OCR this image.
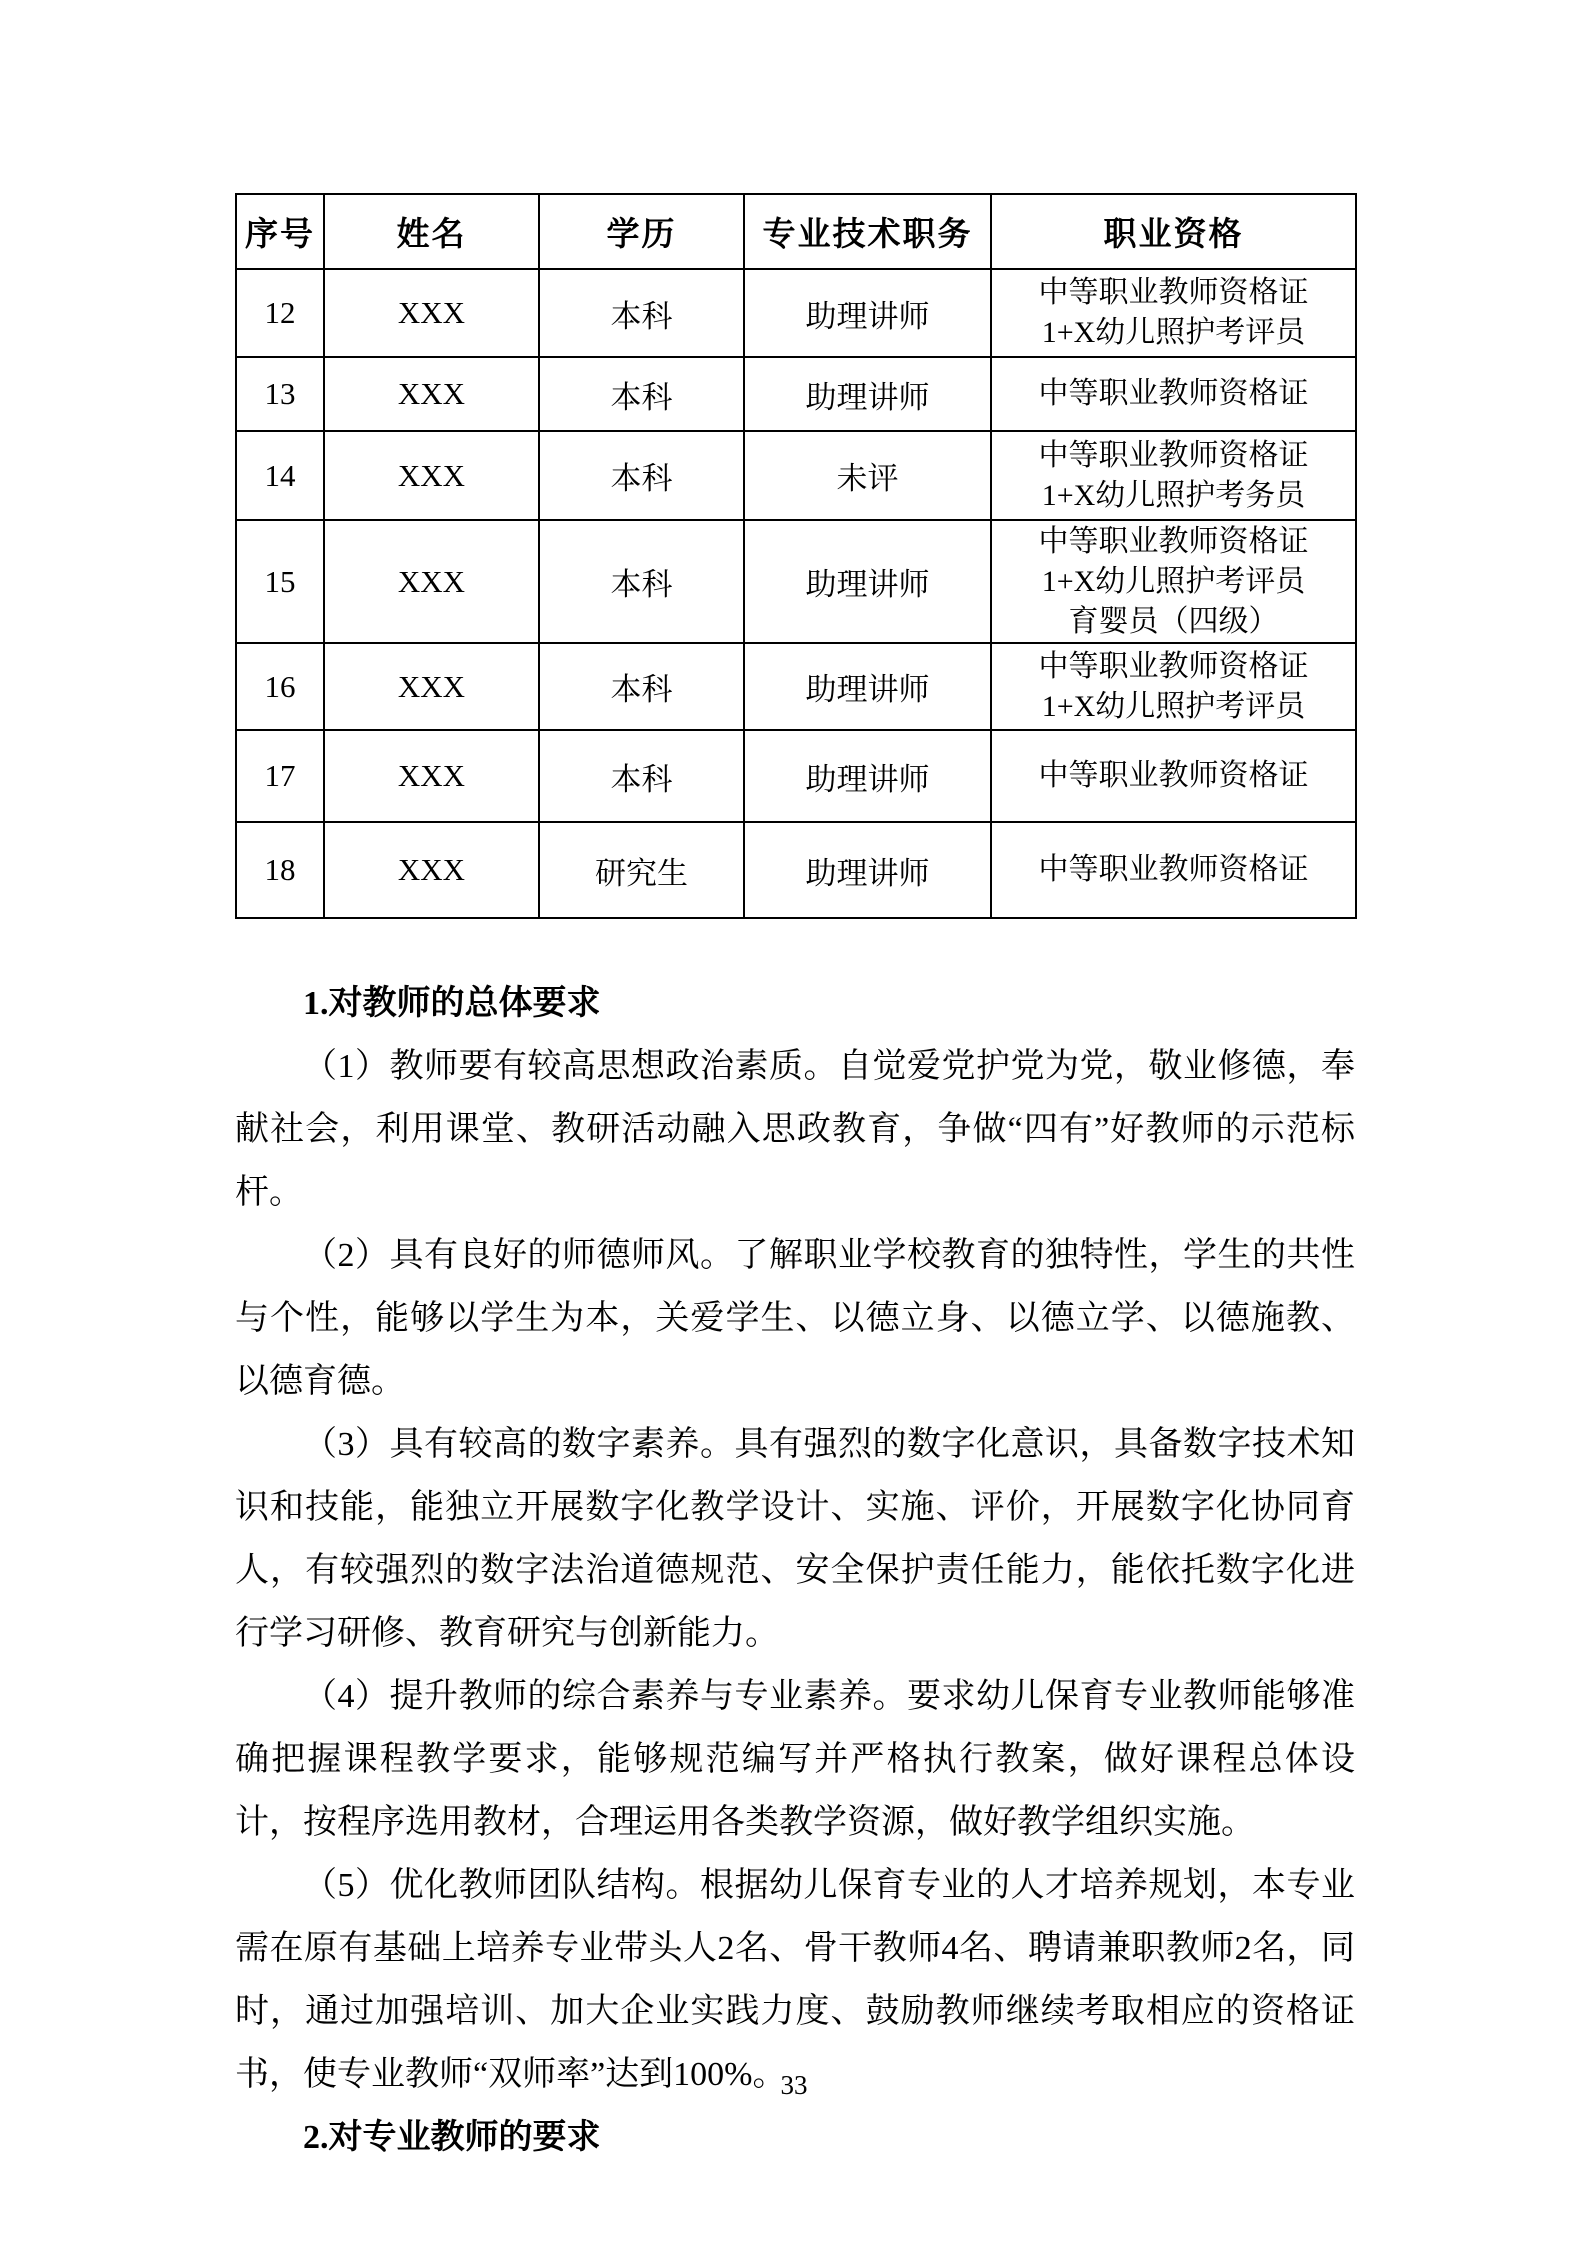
序号	姓名	学历	专业技术职务	职业资格
12	XXX	本科	助理讲师	中等职业教师资格证
1+X幼儿照护考评员

13	XXX	本科	助理讲师	中等职业教师资格证

14	XXX	本科	未评	中等职业教师资格证
1+X幼儿照护考务员

15	XXX	本科	助理讲师	中等职业教师资格证
1+X幼儿照护考评员
育婴员（四级）

16	XXX	本科	助理讲师	中等职业教师资格证
1+X幼儿照护考评员

17	XXX	本科	助理讲师	中等职业教师资格证

18	XXX	研究生	助理讲师	中等职业教师资格证
1.对教师的总体要求

（1）教师要有较高思想政治素质。自觉爱党护党为党，敬业修德，奉献社会，利用课堂、教研活动融入思政教育，争做“四有”好教师的示范标杆。

（2）具有良好的师德师风。了解职业学校教育的独特性，学生的共性与个性，能够以学生为本，关爱学生、以德立身、以德立学、以德施教、以德育德。

（3）具有较高的数字素养。具有强烈的数字化意识，具备数字技术知识和技能，能独立开展数字化教学设计、实施、评价，开展数字化协同育人，有较强烈的数字法治道德规范、安全保护责任能力，能依托数字化进行学习研修、教育研究与创新能力。

（4）提升教师的综合素养与专业素养。要求幼儿保育专业教师能够准确把握课程教学要求，能够规范编写并严格执行教案，做好课程总体设计，按程序选用教材，合理运用各类教学资源，做好教学组织实施。

（5）优化教师团队结构。根据幼儿保育专业的人才培养规划，本专业需在原有基础上培养专业带头人2名、骨干教师4名、聘请兼职教师2名，同时，通过加强培训、加大企业实践力度、鼓励教师继续考取相应的资格证书，使专业教师“双师率”达到100%。

2.对专业教师的要求
33
